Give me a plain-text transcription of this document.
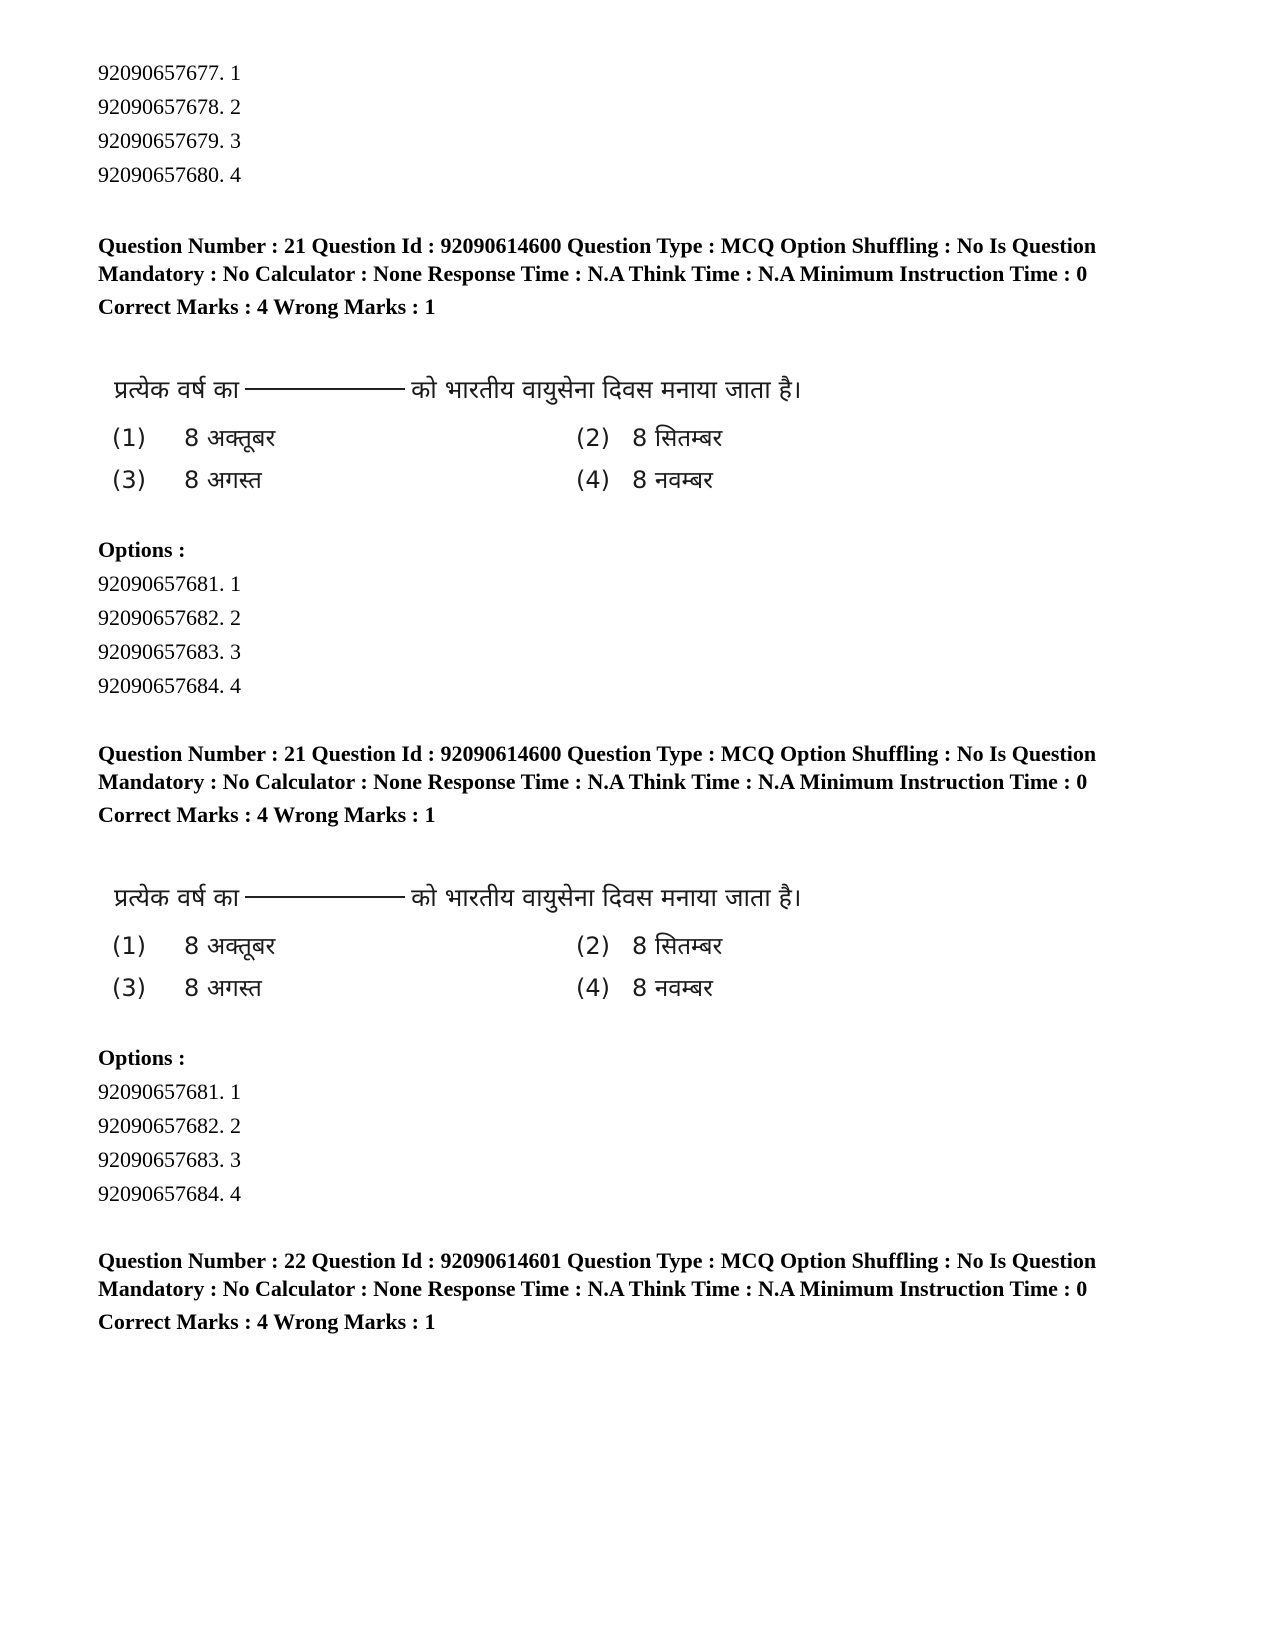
92090657677. 1
92090657678. 2
92090657679. 3
92090657680. 4
Question Number : 21 Question Id : 92090614600 Question Type : MCQ Option Shuffling : No Is Question Mandatory : No Calculator : None Response Time : N.A Think Time : N.A Minimum Instruction Time : 0
Correct Marks : 4 Wrong Marks : 1
प्रत्येक वर्ष का	को भारतीय वायुसेना दिवस मनाया जाता है।
(1) 8 अक्तूबर	(2) 8 सितम्बर
(3) 8 अगस्त	(4) 8 नवम्बर
Options :
92090657681. 1
92090657682. 2
92090657683. 3
92090657684. 4
Question Number : 21 Question Id : 92090614600 Question Type : MCQ Option Shuffling : No Is Question Mandatory : No Calculator : None Response Time : N.A Think Time : N.A Minimum Instruction Time : 0
Correct Marks : 4 Wrong Marks : 1
प्रत्येक वर्ष का	को भारतीय वायुसेना दिवस मनाया जाता है।
(1) 8 अक्तूबर	(2) 8 सितम्बर
(3) 8 अगस्त	(4) 8 नवम्बर
Options :
92090657681. 1
92090657682. 2
92090657683. 3
92090657684. 4
Question Number : 22 Question Id : 92090614601 Question Type : MCQ Option Shuffling : No Is Question Mandatory : No Calculator : None Response Time : N.A Think Time : N.A Minimum Instruction Time : 0
Correct Marks : 4 Wrong Marks : 1
